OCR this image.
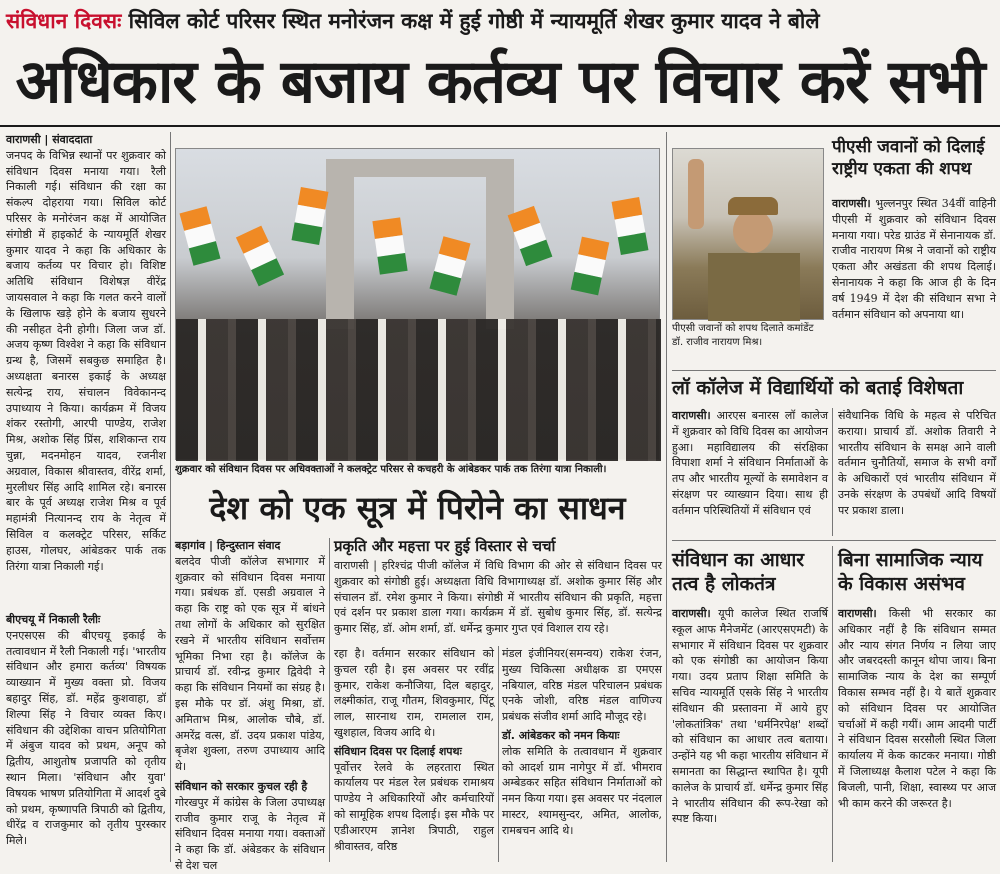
संविधान दिवसः सिविल कोर्ट परिसर स्थित मनोरंजन कक्ष में हुई गोष्ठी में न्यायमूर्ति शेखर कुमार यादव ने बोले
अधिकार के बजाय कर्तव्य पर विचार करें सभी
वाराणसी | संवाददाता
जनपद के विभिन्न स्थानों पर शुक्रवार को संविधान दिवस मनाया गया। रैली निकाली गई। संविधान की रक्षा का संकल्प दोहराया गया। सिविल कोर्ट परिसर के मनोरंजन कक्ष में आयोजित संगोष्ठी में हाइकोर्ट के न्यायमूर्ति शेखर कुमार यादव ने कहा कि अधिकार के बजाय कर्तव्य पर विचार हो। विशिष्ट अतिथि संविधान विशेषज्ञ वीरेंद्र जायसवाल ने कहा कि गलत करने वालों के खिलाफ खड़े होने के बजाय सुधरने की नसीहत देनी होगी। जिला जज डॉ. अजय कृष्ण विश्वेश ने कहा कि संविधान ग्रन्थ है, जिसमें सबकुछ समाहित है। अध्यक्षता बनारस इकाई के अध्यक्ष सत्येन्द्र राय, संचालन विवेकानन्द उपाध्याय ने किया। कार्यक्रम में विजय शंकर रस्तोगी, आरपी पाण्डेय, राजेश मिश्र, अशोक सिंह प्रिंस, शशिकान्त राय चुन्ना, मदनमोहन यादव, रजनीश अग्रवाल, विकास श्रीवास्तव, वीरेंद्र शर्मा, मुरलीधर सिंह आदि शामिल रहे। बनारस बार के पूर्व अध्यक्ष राजेश मिश्र व पूर्व महामंत्री नित्यानन्द राय के नेतृत्व में सिविल व कलक्ट्रेट परिसर, सर्किट हाउस, गोलघर, आंबेडकर पार्क तक तिरंगा यात्रा निकाली गई।
बीएचयू में निकाली रैलीः
एनएसएस की बीएचयू इकाई के तत्वावधान में रैली निकाली गई। 'भारतीय संविधान और हमारा कर्तव्य' विषयक व्याख्यान में मुख्य वक्ता प्रो. विजय बहादुर सिंह, डॉ. महेंद्र कुशवाहा, डॉ शिल्पा सिंह ने विचार व्यक्त किए। संविधान की उद्देशिका वाचन प्रतियोगिता में अंबुज यादव को प्रथम, अनूप को द्वितीय, आशुतोष प्रजापति को तृतीय स्थान मिला। 'संविधान और युवा' विषयक भाषण प्रतियोगिता में आदर्श दुबे को प्रथम, कृष्णापति त्रिपाठी को द्वितीय, धीरेंद्र व राजकुमार को तृतीय पुरस्कार मिले।
शुक्रवार को संविधान दिवस पर अधिवक्ताओं ने कलक्ट्रेट परिसर से कचहरी के आंबेडकर पार्क तक तिरंगा यात्रा निकाली।
देश को एक सूत्र में पिरोने का साधन
बड़ागांव | हिन्दुस्तान संवाद
बलदेव पीजी कॉलेज सभागार में शुक्रवार को संविधान दिवस मनाया गया। प्रबंधक डॉ. एसडी अग्रवाल ने कहा कि राष्ट्र को एक सूत्र में बांधने तथा लोगों के अधिकार को सुरक्षित रखने में भारतीय संविधान सर्वोत्तम भूमिका निभा रहा है। कॉलेज के प्राचार्य डॉ. रवीन्द्र कुमार द्विवेदी ने कहा कि संविधान नियमों का संग्रह है। इस मौके पर डॉ. अंशु मिश्रा, डॉ. अमिताभ मिश्र, आलोक चौबे, डॉ. अमरेंद्र वत्स, डॉ. उदय प्रकाश पांडेय, बृजेश शुक्ला, तरुण उपाध्याय आदि थे।
संविधान को सरकार कुचल रही है
गोरखपुर में कांग्रेस के जिला उपाध्यक्ष राजीव कुमार राजू के नेतृत्व में संविधान दिवस मनाया गया। वक्ताओं ने कहा कि डॉ. अंबेडकर के संविधान से देश चल
प्रकृति और महत्ता पर हुई विस्तार से चर्चा
वाराणसी | हरिश्चंद्र पीजी कॉलेज में विधि विभाग की ओर से संविधान दिवस पर शुक्रवार को संगोष्ठी हुई। अध्यक्षता विधि विभागाध्यक्ष डॉ. अशोक कुमार सिंह और संचालन डॉ. रमेश कुमार ने किया। संगोष्ठी में भारतीय संविधान की प्रकृति, महत्ता एवं दर्शन पर प्रकाश डाला गया। कार्यक्रम में डॉ. सुबोध कुमार सिंह, डॉ. सत्येन्द्र कुमार सिंह, डॉ. ओम शर्मा, डॉ. धर्मेन्द्र कुमार गुप्त एवं विशाल राय रहे।
रहा है। वर्तमान सरकार संविधान को कुचल रही है। इस अवसर पर रवींद्र कुमार, राकेश कनौजिया, दिल बहादुर, लक्ष्मीकांत, राजू गौतम, शिवकुमार, पिंटू लाल, सारनाथ राम, रामलाल राम, खुशहाल, विजय आदि थे।
संविधान दिवस पर दिलाई शपथः
पूर्वोत्तर रेलवे के लहरतारा स्थित कार्यालय पर मंडल रेल प्रबंधक रामाश्रय पाण्डेय ने अधिकारियों और कर्मचारियों को सामूहिक शपथ दिलाई। इस मौके पर एडीआरएम ज्ञानेश त्रिपाठी, राहुल श्रीवास्तव, वरिष्ठ
मंडल इंजीनियर(समन्वय) राकेश रंजन, मुख्य चिकित्सा अधीक्षक डा एमएस नबियाल, वरिष्ठ मंडल परिचालन प्रबंधक एनके जोशी, वरिष्ठ मंडल वाणिज्य प्रबंधक संजीव शर्मा आदि मौजूद रहे।
डॉ. आंबेडकर को नमन कियाः
लोक समिति के तत्वावधान में शुक्रवार को आदर्श ग्राम नागेपुर में डॉ. भीमराव अम्बेडकर सहित संविधान निर्माताओं को नमन किया गया। इस अवसर पर नंदलाल मास्टर, श्यामसुन्दर, अमित, आलोक, रामबचन आदि थे।
पीएसी जवानों को शपथ दिलाते कमांडेंट डॉ. राजीव नारायण मिश्र।
पीएसी जवानों को दिलाई राष्ट्रीय एकता की शपथ
वाराणसी। भुल्लनपुर स्थित 34वीं वाहिनी पीएसी में शुक्रवार को संविधान दिवस मनाया गया। परेड ग्राउंड में सेनानायक डॉ. राजीव नारायण मिश्र ने जवानों को राष्ट्रीय एकता और अखंडता की शपथ दिलाई। सेनानायक ने कहा कि आज ही के दिन वर्ष 1949 में देश की संविधान सभा ने वर्तमान संविधान को अपनाया था।
लॉ कॉलेज में विद्यार्थियों को बताई विशेषता
वाराणसी। आरएस बनारस लॉ कालेज में शुक्रवार को विधि दिवस का आयोजन हुआ। महाविद्यालय की संरक्षिका विपाशा शर्मा ने संविधान निर्माताओं के तप और भारतीय मूल्यों के समावेशन व संरक्षण पर व्याख्यान दिया। साथ ही वर्तमान परिस्थितियों में संविधान एवं
संवैधानिक विधि के महत्व से परिचित कराया। प्राचार्य डॉ. अशोक तिवारी ने भारतीय संविधान के समक्ष आने वाली वर्तमान चुनौतियों, समाज के सभी वर्गों के अधिकारों एवं भारतीय संविधान में उनके संरक्षण के उपबंधों आदि विषयों पर प्रकाश डाला।
संविधान का आधार तत्व है लोकतंत्र
वाराणसी। यूपी कालेज स्थित राजर्षि स्कूल आफ मैनेजमेंट (आरएसएमटी) के सभागार में संविधान दिवस पर शुक्रवार को एक संगोष्ठी का आयोजन किया गया। उदय प्रताप शिक्षा समिति के सचिव न्यायमूर्ति एसके सिंह ने भारतीय संविधान की प्रस्तावना में आये हुए 'लोकतांत्रिक' तथा 'धर्मनिरपेक्ष' शब्दों को संविधान का आधार तत्व बताया। उन्होंने यह भी कहा भारतीय संविधान में समानता का सिद्धान्त स्थापित है। यूपी कालेज के प्राचार्य डॉ. धर्मेन्द्र कुमार सिंह ने भारतीय संविधान की रूप-रेखा को स्पष्ट किया।
बिना सामाजिक न्याय के विकास असंभव
वाराणसी। किसी भी सरकार का अधिकार नहीं है कि संविधान सम्मत और न्याय संगत निर्णय न लिया जाए और जबरदस्ती कानून थोपा जाय। बिना सामाजिक न्याय के देश का सम्पूर्ण विकास सम्भव नहीं है। ये बातें शुक्रवार को संविधान दिवस पर आयोजित चर्चाओं में कही गयीं। आम आदमी पार्टी ने संविधान दिवस सरसौली स्थित जिला कार्यालय में केक काटकर मनाया। गोष्ठी में जिलाध्यक्ष कैलाश पटेल ने कहा कि बिजली, पानी, शिक्षा, स्वास्थ्य पर आज भी काम करने की जरूरत है।
